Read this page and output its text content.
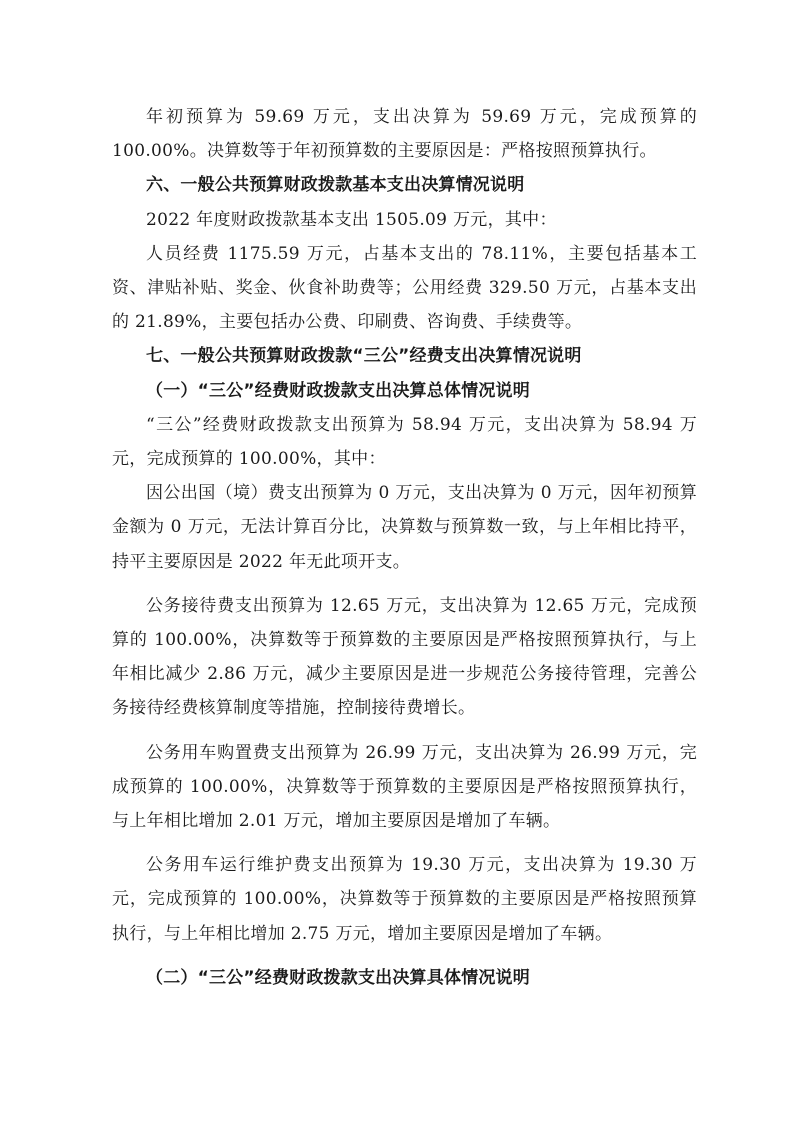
年初预算为 59.69 万元，支出决算为 59.69 万元，完成预算的 100.00%。决算数等于年初预算数的主要原因是：严格按照预算执行。

六、一般公共预算财政拨款基本支出决算情况说明

2022 年度财政拨款基本支出 1505.09 万元，其中：

人员经费 1175.59 万元，占基本支出的 78.11%，主要包括基本工资、津贴补贴、奖金、伙食补助费等；公用经费 329.50 万元，占基本支出的 21.89%，主要包括办公费、印刷费、咨询费、手续费等。

七、一般公共预算财政拨款“三公”经费支出决算情况说明
（一）“三公”经费财政拨款支出决算总体情况说明

“三公”经费财政拨款支出预算为 58.94 万元，支出决算为 58.94 万元，完成预算的 100.00%，其中：

因公出国（境）费支出预算为 0 万元，支出决算为 0 万元，因年初预算金额为 0 万元，无法计算百分比，决算数与预算数一致，与上年相比持平，持平主要原因是 2022 年无此项开支。

公务接待费支出预算为 12.65 万元，支出决算为 12.65 万元，完成预算的 100.00%，决算数等于预算数的主要原因是严格按照预算执行，与上年相比减少 2.86 万元，减少主要原因是进一步规范公务接待管理，完善公务接待经费核算制度等措施，控制接待费增长。

公务用车购置费支出预算为 26.99 万元，支出决算为 26.99 万元，完成预算的 100.00%，决算数等于预算数的主要原因是严格按照预算执行，与上年相比增加 2.01 万元，增加主要原因是增加了车辆。

公务用车运行维护费支出预算为 19.30 万元，支出决算为 19.30 万元，完成预算的 100.00%，决算数等于预算数的主要原因是严格按照预算执行，与上年相比增加 2.75 万元，增加主要原因是增加了车辆。

（二）“三公”经费财政拨款支出决算具体情况说明
